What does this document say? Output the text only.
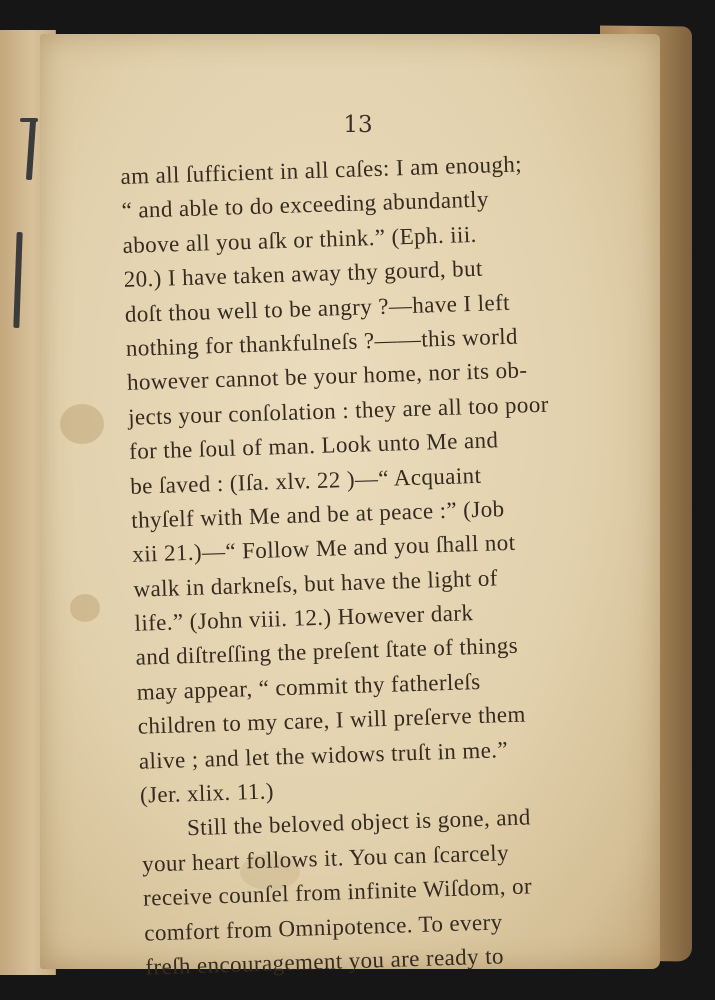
13
am all ſufficient in all caſes: I am enough;
“ and able to do exceeding abundantly
above all you aſk or think.” (Eph. iii.
20.) I have taken away thy gourd, but
doſt thou well to be angry ?—have I left
nothing for thankfulneſs ?——this world
however cannot be your home, nor its ob-
jects your conſolation : they are all too poor
for the ſoul of man. Look unto Me and
be ſaved : (Iſa. xlv. 22 )—“ Acquaint
thyſelf with Me and be at peace :” (Job
xii 21.)—“ Follow Me and you ſhall not
walk in darkneſs, but have the light of
life.” (John viii. 12.) However dark
and diſtreſſing the preſent ſtate of things
may appear, “ commit thy fatherleſs
children to my care, I will preſerve them
alive ; and let the widows truſt in me.”
(Jer. xlix. 11.)
Still the beloved object is gone, and
your heart follows it. You can ſcarcely
receive counſel from infinite Wiſdom, or
comfort from Omnipotence. To every
freſh encouragement you are ready to
